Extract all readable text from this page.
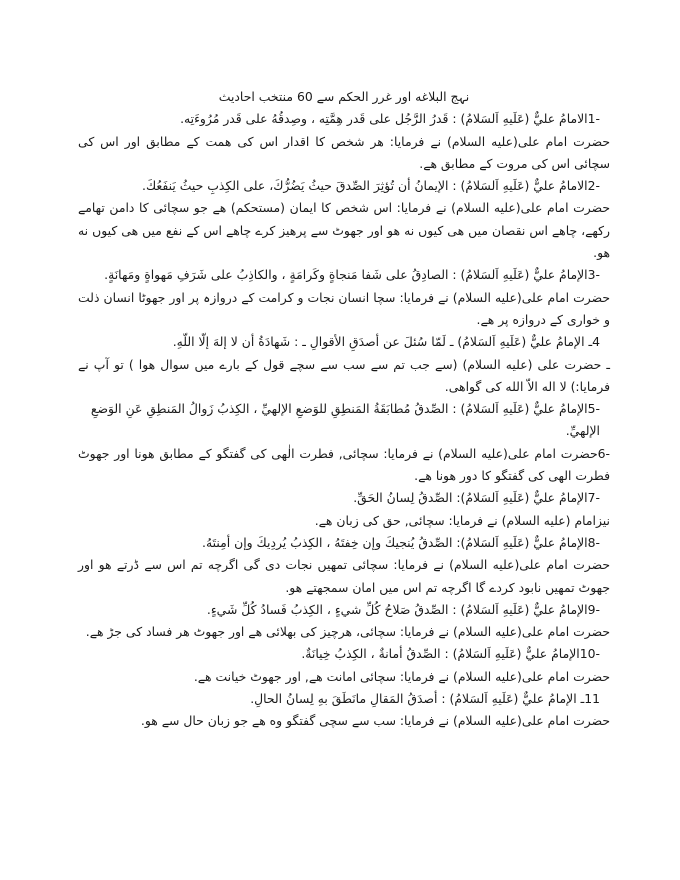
نہج البلاغه اور غرر الحکم سے 60 منتخب احادیث

-1الامامُ عليٌّ (عَلَيهِ اَلسَلامُ) : قَدرُ الرَّجُل على قَدر هِمَّتِه ، وصِدقُهُ على قَدر مُرُوءَتِه.

حضرت امام علی(علیه السلام) نے فرمایا: هر شخص کا اقدار اس کی همت کے مطابق اور اس کی سچائی اس کی مروت کے مطابق هے.

-2الامامُ عليٌّ (عَلَيهِ اَلسَلامُ) : الإيمانُ أن تُؤثِرَ الصِّدقَ حيثُ يَضُرُّكَ، على الكِذبِ حيثُ يَنفَعُكَ.

حضرت امام علی(علیه السلام) نے فرمایا: اس شخص کا ایمان (مستحکم) هے جو سچائی کا دامن تهامے رکهے، چاهے اس نقصان میں هی کیوں نه هو اور جهوٹ سے پرهیز کرے چاهے اس کے نفع میں هی کیوں نه هو.

-3الإمامُ عليٌّ (عَلَيهِ اَلسَلامُ) : الصادِقُ على شَفا مَنجاةٍ وكَرامَةٍ ، والكاذِبُ على شَرَفِ مَهواةٍ ومَهانَةٍ.

حضرت امام علی(علیه السلام) نے فرمایا: سچا انسان نجات و کرامت کے دروازہ پر اور جهوٹا انسان ذلت و خواری کے دروازه پر هے.

4ـ الإمامُ عليٌّ (عَلَيهِ اَلسَلامُ) ـ لَمّا سُئلَ عن أصدَقِ الأقوالِ ـ : شَهادَةُ أن لا إلهَ إلّا اللّهِ.

ـ حضرت علی (علیه السلام) (سے جب تم سے سب سے سچے قول کے بارے میں سوال هوا ) تو آپ نے فرمایا:) لا اله الاّ الله کی گواهی.

-5الإمامُ عليٌّ (عَلَيهِ اَلسَلامُ) : الصِّدقُ مُطابَقَةُ المَنطِقِ للوَضعِ الإلهيِّ ، الكِذبُ زَوالُ المَنطِقِ عَنِ الوَضعِ الإلهيِّ.

-6حضرت امام علی(علیه السلام) نے فرمایا: سچائی, فطرت الٰهی کی گفتگو کے مطابق هونا اور جهوٹ فطرت الهی کی گفتگو کا دور هونا هے.

-7الإمامُ عليٌّ (عَلَيهِ اَلسَلامُ): الصِّدقُ لِسانُ الحَقِّ.

نیزامام (علیه السلام) نے فرمایا: سچائی, حق کی زبان هے.

-8الإمامُ عليٌّ (عَلَيهِ اَلسَلامُ): الصِّدقُ يُنجيكَ وإن خِفتَهُ ، الكِذبُ يُردِيكَ وإن أمِنتَهُ.

حضرت امام علی(علیه السلام) نے فرمایا: سچائی تمهیں نجات دی گی اگرچه تم اس سے ڈرتے هو اور جهوٹ تمهیں نابود کردے گا اگرچه تم اس میں امان سمجهتے هو.

-9الإمامُ عليٌّ (عَلَيهِ اَلسَلامُ) : الصِّدقُ صَلاحُ كُلِّ شيءٍ ، الكِذبُ فَسادُ كُلِّ شَيءٍ.

حضرت امام علی(علیه السلام) نے فرمایا: سچائی، هرچیز کی بهلائی هے اور جهوٹ هر فساد کی جڑ هے.

-10الإمامُ عليٌّ (عَلَيهِ اَلسَلامُ) : الصِّدقُ أمانةٌ ، الكِذبُ خِيانَةٌ.

حضرت امام علی(علیه السلام) نے فرمایا: سچائی امانت هے, اور جهوٹ خیانت هے.

11ـ الإمامُ عليٌّ (عَلَيهِ اَلسَلامُ) : أصدَقُ المَقالِ مانَطَقَ بهِ لِسانُ الحالِ.

حضرت امام علی(علیه السلام) نے فرمایا: سب سے سچی گفتگو وه هے جو زبان حال سے هو.
